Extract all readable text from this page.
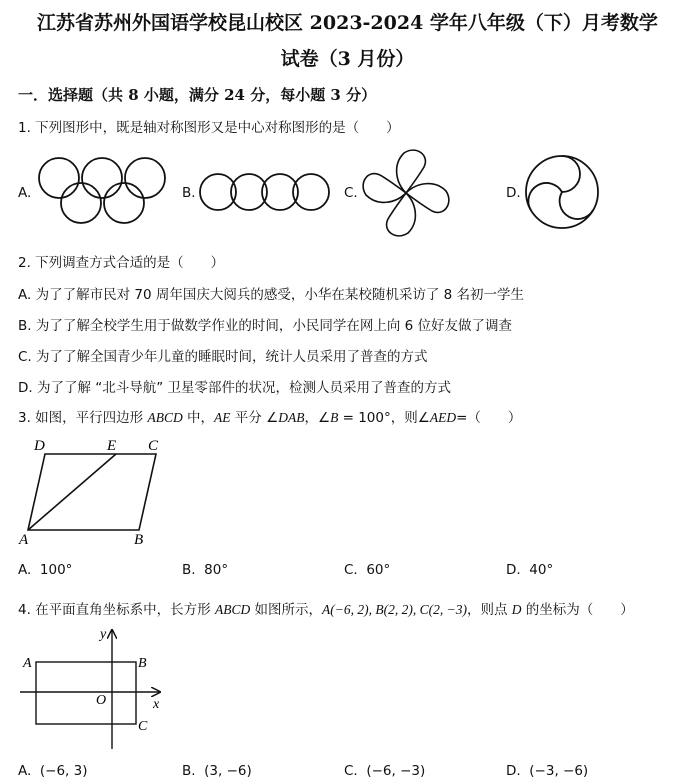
江苏省苏州外国语学校昆山校区 2023-2024 学年八年级（下）月考数学
试卷（3 月份）
一．选择题（共 8 小题，满分 24 分，每小题 3 分）
1. 下列图形中，既是轴对称图形又是中心对称图形的是（　　）
A.	B.	C.	D.
2. 下列调查方式合适的是（　　）
A. 为了了解市民对 70 周年国庆大阅兵的感受，小华在某校随机采访了 8 名初一学生
B. 为了了解全校学生用于做数学作业的时间，小民同学在网上向 6 位好友做了调查
C. 为了了解全国青少年儿童的睡眠时间，统计人员采用了普查的方式
D. 为了了解 “北斗导航” 卫星零部件的状况，检测人员采用了普查的方式
3. 如图，平行四边形 ABCD 中，AE 平分 ∠DAB，∠B = 100°，则∠AED=（　　）
D	E C
A	B
A. 100°	B. 80°	C. 60°	D. 40°
4. 在平面直角坐标系中，长方形 ABCD 如图所示，A(−6, 2), B(2, 2), C(2, −3)，则点 D 的坐标为（　　）
y
x
O
A	B
C
A. (−6, 3)	B. (3, −6)	C. (−6, −3)	D. (−3, −6)
